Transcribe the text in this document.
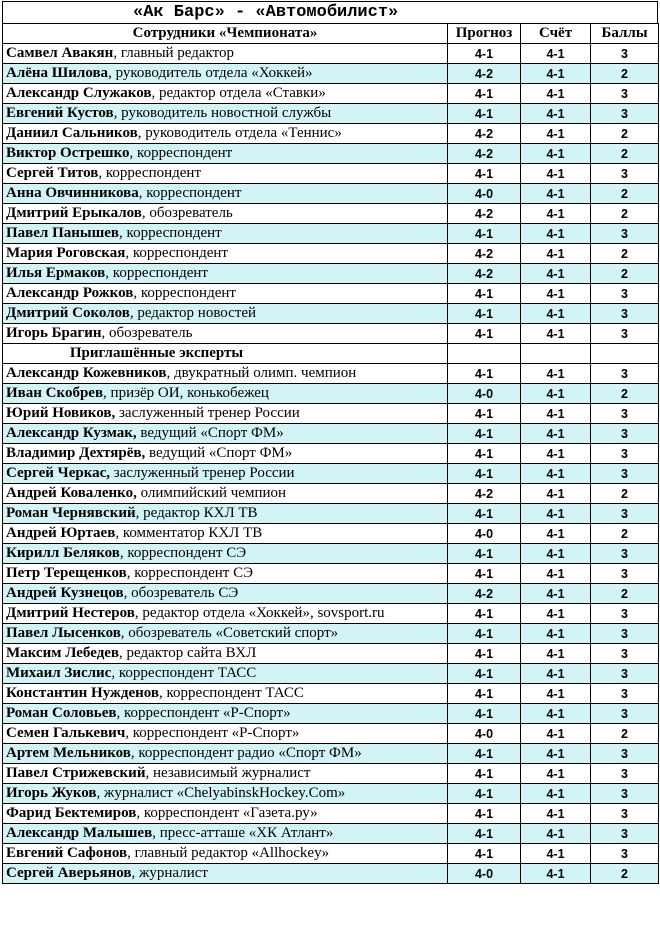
«Ак Барс» - «Автомобилист»
Сотрудники «Чемпионата»	Прогноз	Счёт	Баллы
Самвел Авакян, главный редактор	4-1	4-1	3
Алёна Шилова, руководитель отдела «Хоккей»	4-2	4-1	2
Александр Служаков, редактор отдела «Ставки»	4-1	4-1	3
Евгений Кустов, руководитель новостной службы	4-1	4-1	3
Даниил Сальников, руководитель отдела «Теннис»	4-2	4-1	2
Виктор Острешко, корреспондент	4-2	4-1	2
Сергей Титов, корреспондент	4-1	4-1	3
Анна Овчинникова, корреспондент	4-0	4-1	2
Дмитрий Ерыкалов, обозреватель	4-2	4-1	2
Павел Панышев, корреспондент	4-1	4-1	3
Мария Роговская, корреспондент	4-2	4-1	2
Илья Ермаков, корреспондент	4-2	4-1	2
Александр Рожков, корреспондент	4-1	4-1	3
Дмитрий Соколов, редактор новостей	4-1	4-1	3
Игорь Брагин, обозреватель	4-1	4-1	3
Приглашённые эксперты			
Александр Кожевников, двукратный олимп. чемпион	4-1	4-1	3
Иван Скобрев, призёр ОИ, конькобежец	4-0	4-1	2
Юрий Новиков, заслуженный тренер России	4-1	4-1	3
Александр Кузмак, ведущий «Спорт ФМ»	4-1	4-1	3
Владимир Дехтярёв, ведущий «Спорт ФМ»	4-1	4-1	3
Сергей Черкас, заслуженный тренер России	4-1	4-1	3
Андрей Коваленко, олимпийский чемпион	4-2	4-1	2
Роман Чернявский, редактор КХЛ ТВ	4-1	4-1	3
Андрей Юртаев, комментатор КХЛ ТВ	4-0	4-1	2
Кирилл Беляков, корреспондент СЭ	4-1	4-1	3
Петр Терещенков, корреспондент СЭ	4-1	4-1	3
Андрей Кузнецов, обозреватель СЭ	4-2	4-1	2
Дмитрий Нестеров, редактор отдела «Хоккей», sovsport.ru	4-1	4-1	3
Павел Лысенков, обозреватель «Советский спорт»	4-1	4-1	3
Максим Лебедев, редактор сайта ВХЛ	4-1	4-1	3
Михаил Зислис, корреспондент ТАСС	4-1	4-1	3
Константин Нужденов, корреспондент ТАСС	4-1	4-1	3
Роман Соловьев, корреспондент «Р-Спорт»	4-1	4-1	3
Семен Галькевич, корреспондент «Р-Спорт»	4-0	4-1	2
Артем Мельников, корреспондент радио «Спорт ФМ»	4-1	4-1	3
Павел Стрижевский, независимый журналист	4-1	4-1	3
Игорь Жуков, журналист «ChelyabinskHockey.Com»	4-1	4-1	3
Фарид Бектемиров, корреспондент «Газета.ру»	4-1	4-1	3
Александр Малышев, пресс-атташе «ХК Атлант»	4-1	4-1	3
Евгений Сафонов, главный редактор «Allhockey»	4-1	4-1	3
Сергей Аверьянов, журналист	4-0	4-1	2
